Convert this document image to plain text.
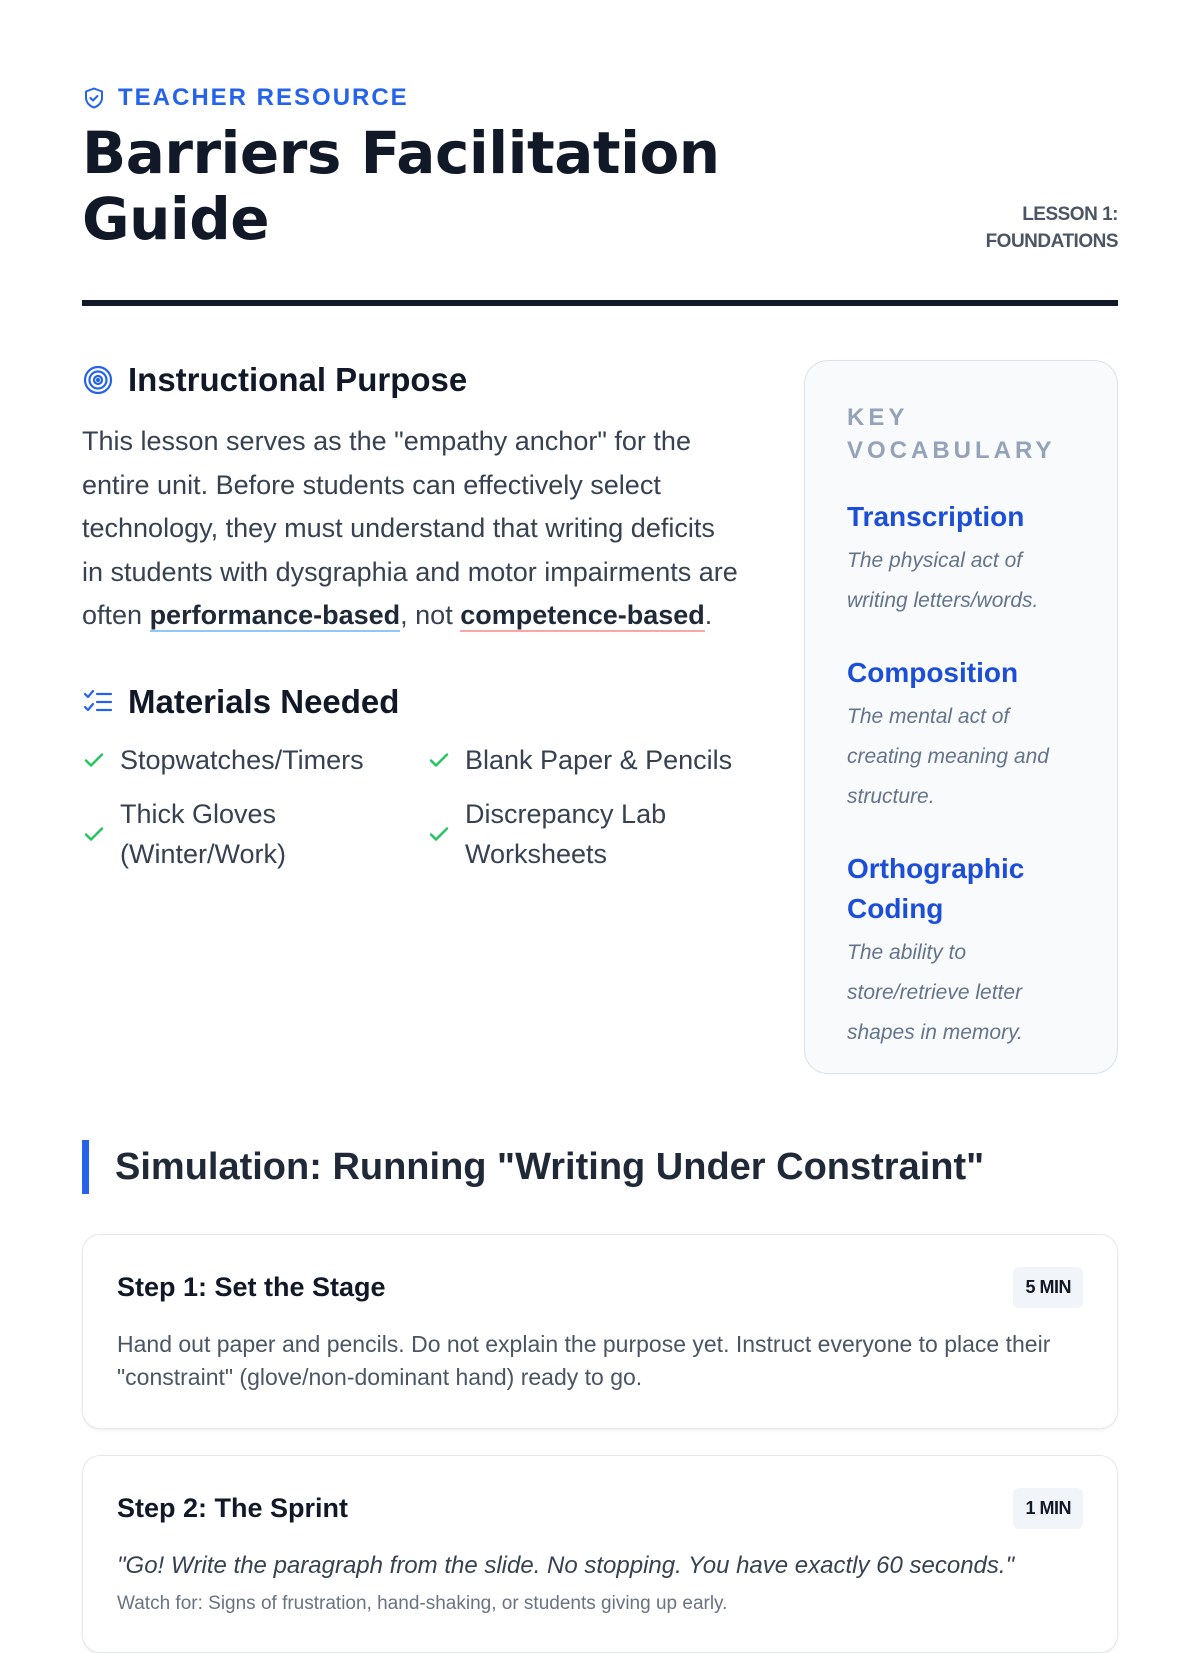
TEACHER RESOURCE
Barriers Facilitation Guide	LESSON 1:
FOUNDATIONS
Instructional Purpose

This lesson serves as the "empathy anchor" for the entire unit. Before students can effectively select technology, they must understand that writing deficits in students with dysgraphia and motor impairments are often performance-based, not competence-based.

Materials Needed
Stopwatches/Timers	Blank Paper & Pencils
Thick Gloves (Winter/Work)
Discrepancy Lab Worksheets
KEY VOCABULARY
Transcription
The physical act of writing letters/words.
Composition
The mental act of creating meaning and structure.
Orthographic Coding
The ability to store/retrieve letter shapes in memory.
Simulation: Running "Writing Under Constraint"
Step 1: Set the Stage	5 MIN

Hand out paper and pencils. Do not explain the purpose yet. Instruct everyone to place their "constraint" (glove/non-dominant hand) ready to go.

Step 2: The Sprint	1 MIN

"Go! Write the paragraph from the slide. No stopping. You have exactly 60 seconds."

Watch for: Signs of frustration, hand-shaking, or students giving up early.
